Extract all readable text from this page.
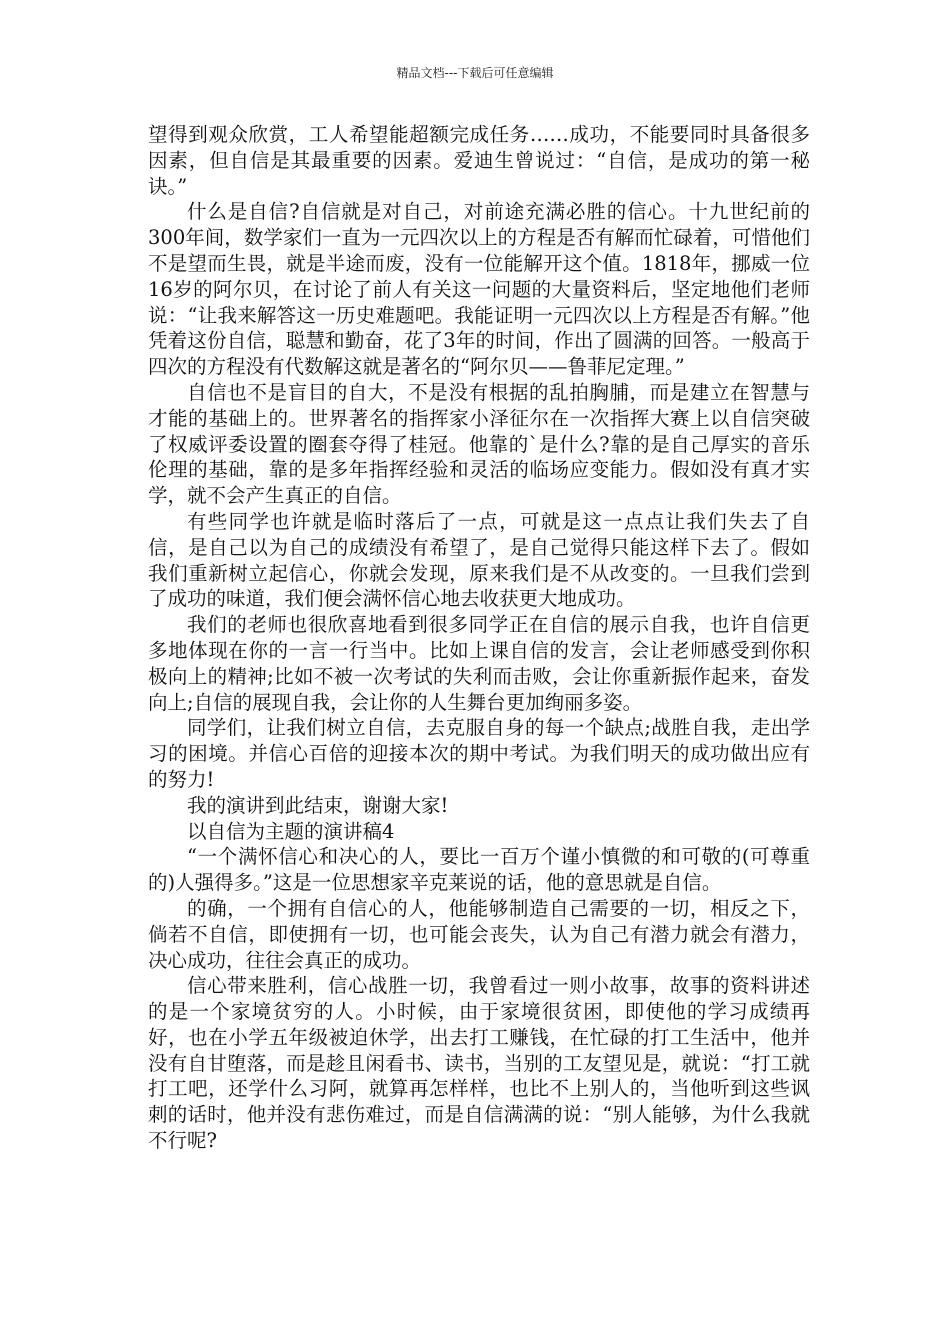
精品文档---下载后可任意编辑

望得到观众欣赏，工人希望能超额完成任务……成功，不能要同时具备很多因素，但自信是其最重要的因素。爱迪生曾说过：“自信，是成功的第一秘诀。”

什么是自信?自信就是对自己，对前途充满必胜的信心。十九世纪前的300年间，数学家们一直为一元四次以上的方程是否有解而忙碌着，可惜他们不是望而生畏，就是半途而废，没有一位能解开这个值。1818年，挪威一位16岁的阿尔贝，在讨论了前人有关这一问题的大量资料后，坚定地他们老师说：“让我来解答这一历史难题吧。我能证明一元四次以上方程是否有解。”他凭着这份自信，聪慧和勤奋，花了3年的时间，作出了圆满的回答。一般高于四次的方程没有代数解这就是著名的“阿尔贝——鲁菲尼定理。”

自信也不是盲目的自大，不是没有根据的乱拍胸脯，而是建立在智慧与才能的基础上的。世界著名的指挥家小泽征尔在一次指挥大赛上以自信突破了权威评委设置的圈套夺得了桂冠。他靠的`是什么?靠的是自己厚实的音乐伦理的基础，靠的是多年指挥经验和灵活的临场应变能力。假如没有真才实学，就不会产生真正的自信。

有些同学也许就是临时落后了一点，可就是这一点点让我们失去了自信，是自己以为自己的成绩没有希望了，是自己觉得只能这样下去了。假如我们重新树立起信心，你就会发现，原来我们是不从改变的。一旦我们尝到了成功的味道，我们便会满怀信心地去收获更大地成功。

我们的老师也很欣喜地看到很多同学正在自信的展示自我，也许自信更多地体现在你的一言一行当中。比如上课自信的发言，会让老师感受到你积极向上的精神;比如不被一次考试的失利而击败，会让你重新振作起来，奋发向上;自信的展现自我，会让你的人生舞台更加绚丽多姿。

同学们，让我们树立自信，去克服自身的每一个缺点;战胜自我，走出学习的困境。并信心百倍的迎接本次的期中考试。为我们明天的成功做出应有的努力!

我的演讲到此结束，谢谢大家!

以自信为主题的演讲稿4

“一个满怀信心和决心的人，要比一百万个谨小慎微的和可敬的(可尊重的)人强得多。”这是一位思想家辛克莱说的话，他的意思就是自信。

的确，一个拥有自信心的人，他能够制造自己需要的一切，相反之下，倘若不自信，即使拥有一切，也可能会丧失，认为自己有潜力就会有潜力，决心成功，往往会真正的成功。

信心带来胜利，信心战胜一切，我曾看过一则小故事，故事的资料讲述的是一个家境贫穷的人。小时候，由于家境很贫困，即使他的学习成绩再好，也在小学五年级被迫休学，出去打工赚钱，在忙碌的打工生活中，他并没有自甘堕落，而是趁且闲看书、读书，当别的工友望见是，就说：“打工就打工吧，还学什么习阿，就算再怎样样，也比不上别人的，当他听到这些讽刺的话时，他并没有悲伤难过，而是自信满满的说：“别人能够，为什么我就不行呢?
